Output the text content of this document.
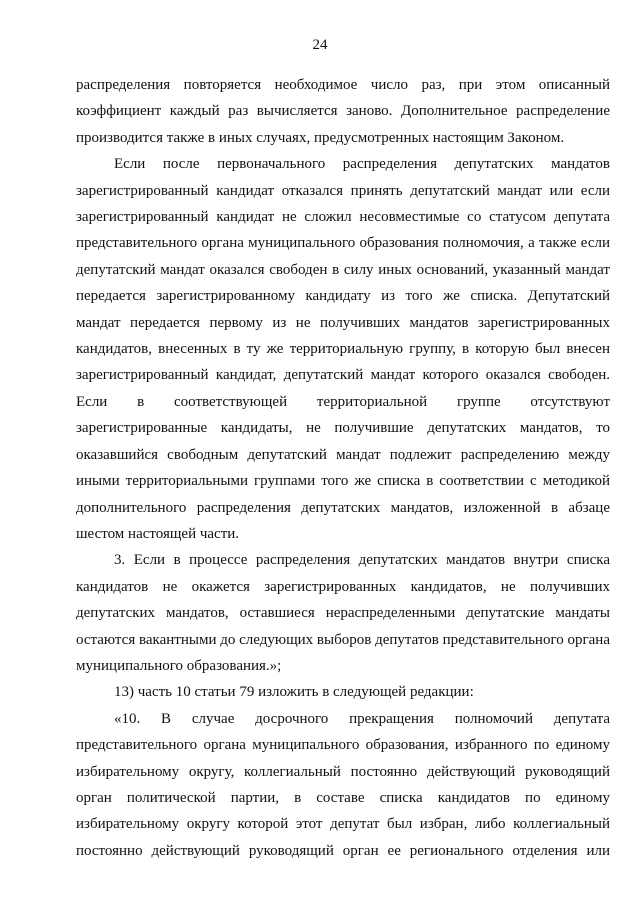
24

распределения повторяется необходимое число раз, при этом описанный коэффициент каждый раз вычисляется заново. Дополнительное распределение производится также в иных случаях, предусмотренных настоящим Законом.

Если после первоначального распределения депутатских мандатов зарегистрированный кандидат отказался принять депутатский мандат или если зарегистрированный кандидат не сложил несовместимые со статусом депутата представительного органа муниципального образования полномочия, а также если депутатский мандат оказался свободен в силу иных оснований, указанный мандат передается зарегистрированному кандидату из того же списка. Депутатский мандат передается первому из не получивших мандатов зарегистрированных кандидатов, внесенных в ту же территориальную группу, в которую был внесен зарегистрированный кандидат, депутатский мандат которого оказался свободен. Если в соответствующей территориальной группе отсутствуют зарегистрированные кандидаты, не получившие депутатских мандатов, то оказавшийся свободным депутатский мандат подлежит распределению между иными территориальными группами того же списка в соответствии с методикой дополнительного распределения депутатских мандатов, изложенной в абзаце шестом настоящей части.

3. Если в процессе распределения депутатских мандатов внутри списка кандидатов не окажется зарегистрированных кандидатов, не получивших депутатских мандатов, оставшиеся нераспределенными депутатские мандаты остаются вакантными до следующих выборов депутатов представительного органа муниципального образования.»;

13) часть 10 статьи 79 изложить в следующей редакции:

«10. В случае досрочного прекращения полномочий депутата представительного органа муниципального образования, избранного по единому избирательному округу, коллегиальный постоянно действующий руководящий орган политической партии, в составе списка кандидатов по единому избирательному округу которой этот депутат был избран, либо коллегиальный постоянно действующий руководящий орган ее регионального отделения или
